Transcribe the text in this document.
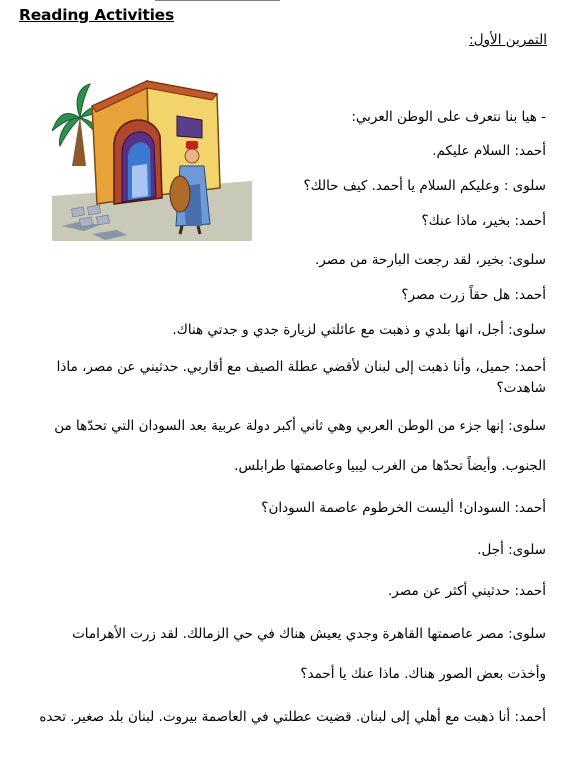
Reading Activities
التمرين الأول:
- هيا بنا نتعرف على الوطن العربي:
أحمد: السلام عليكم.
سلوى : وعليكم السلام يا أحمد. كيف حالك؟
أحمد: بخير، ماذا عنك؟
سلوى: بخير، لقد رجعت البارحة من مصر.
أحمد: هل حقاً زرت مصر؟
سلوى: أجل، انها بلدي و ذهبت مع عائلتي لزيارة جدي و جدتي هناك.
أحمد: جميل، وأنا ذهبت إلى لبنان لأقضي عطلة الصيف مع أقاربي. حدثيني عن مصر، ماذا شاهدت؟
سلوى: إنها جزء من الوطن العربي وهي ثاني أكبر دولة عربية بعد السودان التي تحدّها من
الجنوب. وأيضاً تحدّها من الغرب ليبيا وعاصمتها طرابلس.
أحمد: السودان! أليست الخرطوم عاصمة السودان؟
سلوى: أجل.
أحمد: حدثيني أكثر عن مصر.
سلوى: مصر عاصمتها القاهرة وجدي يعيش هناك في حي الزمالك. لقد زرت الأهرامات
وأخذت بعض الصور هناك. ماذا عنك يا أحمد؟
أحمد: أنا ذهبت مع أهلي إلى لبنان. قضيت عطلتي في العاصمة بيروت. لبنان بلد صغير. تحده
